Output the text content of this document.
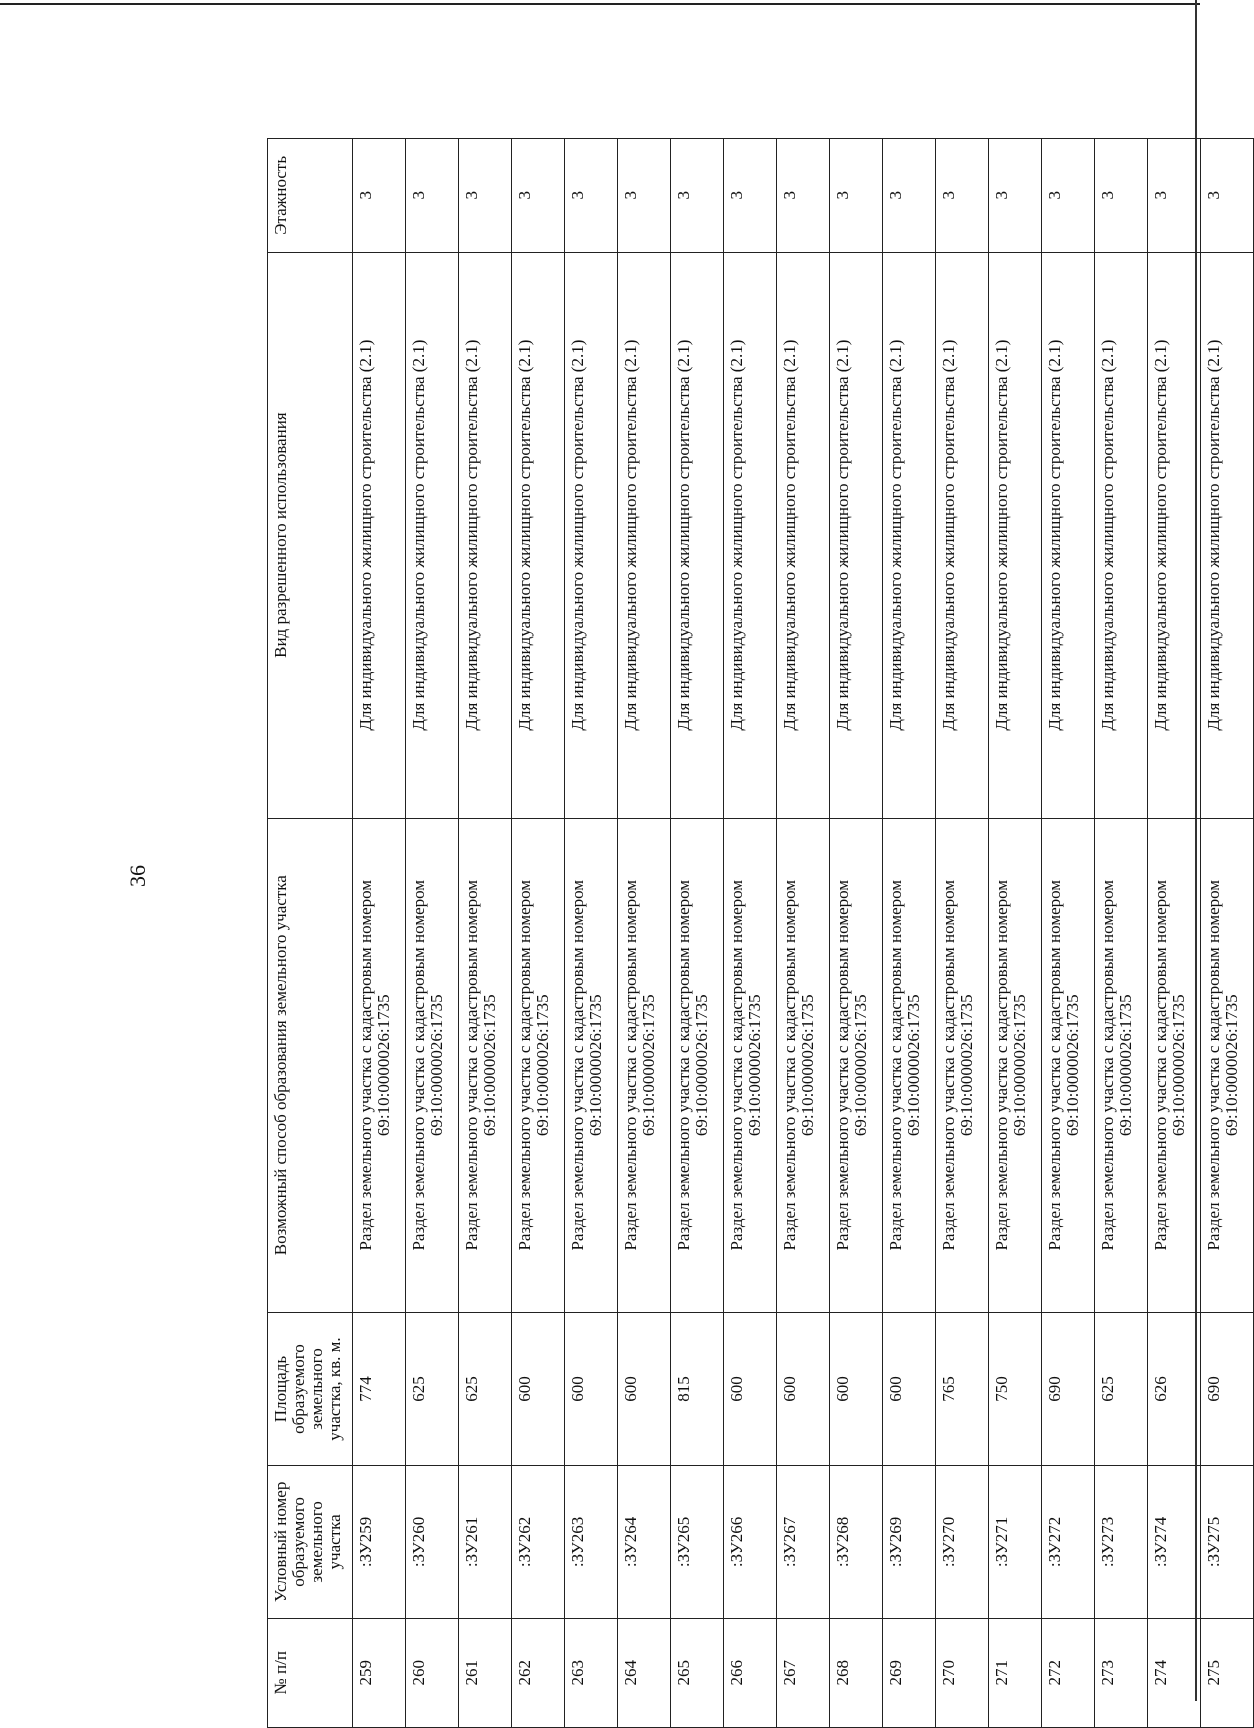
36
№ п/п	Условный номер образуемого земельного участка	Площадь образуемого земельного участка, кв. м.	Возможный способ образования земельного участка	Вид разрешенного использования	Этажность
259	:ЗУ259	774	Раздел земельного участка с кадастровым номером 69:10:0000026:1735	Для индивидуального жилищного строительства (2.1)	3
260	:ЗУ260	625	Раздел земельного участка с кадастровым номером 69:10:0000026:1735	Для индивидуального жилищного строительства (2.1)	3
261	:ЗУ261	625	Раздел земельного участка с кадастровым номером 69:10:0000026:1735	Для индивидуального жилищного строительства (2.1)	3
262	:ЗУ262	600	Раздел земельного участка с кадастровым номером 69:10:0000026:1735	Для индивидуального жилищного строительства (2.1)	3
263	:ЗУ263	600	Раздел земельного участка с кадастровым номером 69:10:0000026:1735	Для индивидуального жилищного строительства (2.1)	3
264	:ЗУ264	600	Раздел земельного участка с кадастровым номером 69:10:0000026:1735	Для индивидуального жилищного строительства (2.1)	3
265	:ЗУ265	815	Раздел земельного участка с кадастровым номером 69:10:0000026:1735	Для индивидуального жилищного строительства (2.1)	3
266	:ЗУ266	600	Раздел земельного участка с кадастровым номером 69:10:0000026:1735	Для индивидуального жилищного строительства (2.1)	3
267	:ЗУ267	600	Раздел земельного участка с кадастровым номером 69:10:0000026:1735	Для индивидуального жилищного строительства (2.1)	3
268	:ЗУ268	600	Раздел земельного участка с кадастровым номером 69:10:0000026:1735	Для индивидуального жилищного строительства (2.1)	3
269	:ЗУ269	600	Раздел земельного участка с кадастровым номером 69:10:0000026:1735	Для индивидуального жилищного строительства (2.1)	3
270	:ЗУ270	765	Раздел земельного участка с кадастровым номером 69:10:0000026:1735	Для индивидуального жилищного строительства (2.1)	3
271	:ЗУ271	750	Раздел земельного участка с кадастровым номером 69:10:0000026:1735	Для индивидуального жилищного строительства (2.1)	3
272	:ЗУ272	690	Раздел земельного участка с кадастровым номером 69:10:0000026:1735	Для индивидуального жилищного строительства (2.1)	3
273	:ЗУ273	625	Раздел земельного участка с кадастровым номером 69:10:0000026:1735	Для индивидуального жилищного строительства (2.1)	3
274	:ЗУ274	626	Раздел земельного участка с кадастровым номером 69:10:0000026:1735	Для индивидуального жилищного строительства (2.1)	3
275	:ЗУ275	690	Раздел земельного участка с кадастровым номером 69:10:0000026:1735	Для индивидуального жилищного строительства (2.1)	3
